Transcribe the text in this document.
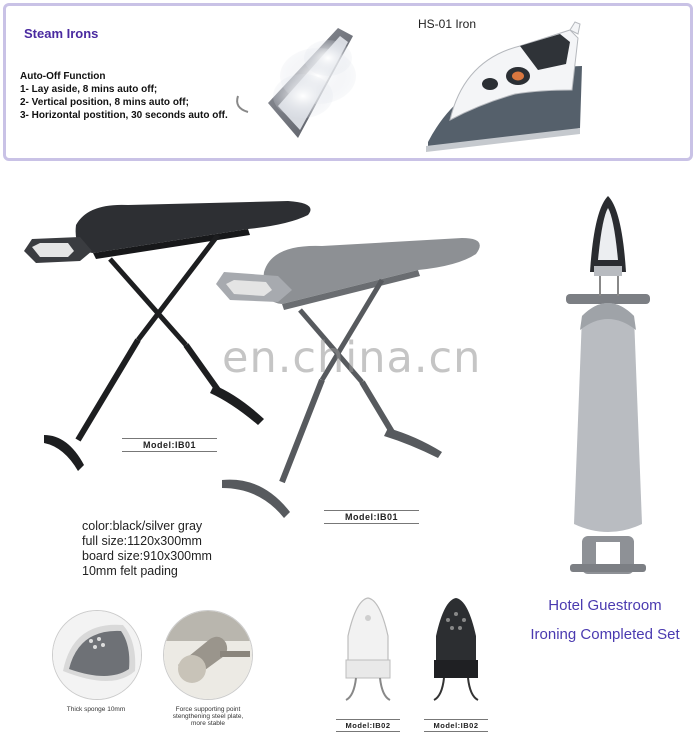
Steam Irons
HS-01 Iron
Auto-Off Function
1- Lay aside, 8 mins auto off;
2- Vertical position, 8 mins auto off;
3- Horizontal postition, 30 seconds auto off.
Model:IB01
Model:IB01
en.china.cn
Hotel Guestroom
Ironing Completed Set
color:black/silver gray
full size:1120x300mm
board size:910x300mm
10mm felt pading
Thick sponge 10mm	Force supporting point
stengthening steel plate,
more stable	Model:IB02	Model:IB02
